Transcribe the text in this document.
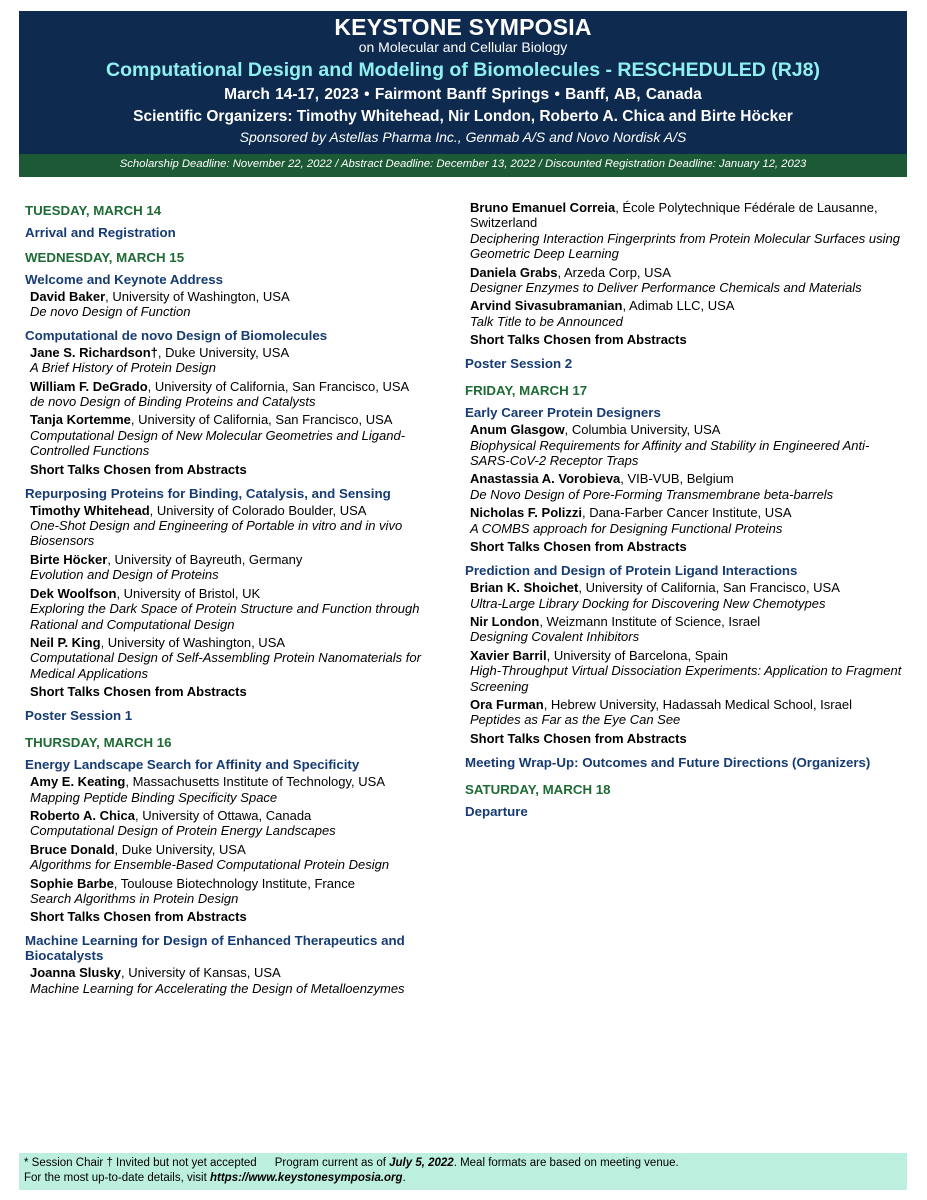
KEYSTONE SYMPOSIA
on Molecular and Cellular Biology
Computational Design and Modeling of Biomolecules - RESCHEDULED (RJ8)
March 14-17, 2023 • Fairmont Banff Springs • Banff, AB, Canada
Scientific Organizers: Timothy Whitehead, Nir London, Roberto A. Chica and Birte Höcker
Sponsored by Astellas Pharma Inc., Genmab A/S and Novo Nordisk A/S
Scholarship Deadline: November 22, 2022 / Abstract Deadline: December 13, 2022 / Discounted Registration Deadline: January 12, 2023
TUESDAY, MARCH 14
Arrival and Registration
WEDNESDAY, MARCH 15
Welcome and Keynote Address
David Baker, University of Washington, USA
De novo Design of Function
Computational de novo Design of Biomolecules
Jane S. Richardson†, Duke University, USA
A Brief History of Protein Design
William F. DeGrado, University of California, San Francisco, USA
de novo Design of Binding Proteins and Catalysts
Tanja Kortemme, University of California, San Francisco, USA
Computational Design of New Molecular Geometries and Ligand-Controlled Functions
Short Talks Chosen from Abstracts
Repurposing Proteins for Binding, Catalysis, and Sensing
Timothy Whitehead, University of Colorado Boulder, USA
One-Shot Design and Engineering of Portable in vitro and in vivo Biosensors
Birte Höcker, University of Bayreuth, Germany
Evolution and Design of Proteins
Dek Woolfson, University of Bristol, UK
Exploring the Dark Space of Protein Structure and Function through Rational and Computational Design
Neil P. King, University of Washington, USA
Computational Design of Self-Assembling Protein Nanomaterials for Medical Applications
Short Talks Chosen from Abstracts
Poster Session 1
THURSDAY, MARCH 16
Energy Landscape Search for Affinity and Specificity
Amy E. Keating, Massachusetts Institute of Technology, USA
Mapping Peptide Binding Specificity Space
Roberto A. Chica, University of Ottawa, Canada
Computational Design of Protein Energy Landscapes
Bruce Donald, Duke University, USA
Algorithms for Ensemble-Based Computational Protein Design
Sophie Barbe, Toulouse Biotechnology Institute, France
Search Algorithms in Protein Design
Short Talks Chosen from Abstracts
Machine Learning for Design of Enhanced Therapeutics and Biocatalysts
Joanna Slusky, University of Kansas, USA
Machine Learning for Accelerating the Design of Metalloenzymes
Bruno Emanuel Correia, École Polytechnique Fédérale de Lausanne, Switzerland
Deciphering Interaction Fingerprints from Protein Molecular Surfaces using Geometric Deep Learning
Daniela Grabs, Arzeda Corp, USA
Designer Enzymes to Deliver Performance Chemicals and Materials
Arvind Sivasubramanian, Adimab LLC, USA
Talk Title to be Announced
Short Talks Chosen from Abstracts
Poster Session 2
FRIDAY, MARCH 17
Early Career Protein Designers
Anum Glasgow, Columbia University, USA
Biophysical Requirements for Affinity and Stability in Engineered Anti-SARS-CoV-2 Receptor Traps
Anastassia A. Vorobieva, VIB-VUB, Belgium
De Novo Design of Pore-Forming Transmembrane beta-barrels
Nicholas F. Polizzi, Dana-Farber Cancer Institute, USA
A COMBS approach for Designing Functional Proteins
Short Talks Chosen from Abstracts
Prediction and Design of Protein Ligand Interactions
Brian K. Shoichet, University of California, San Francisco, USA
Ultra-Large Library Docking for Discovering New Chemotypes
Nir London, Weizmann Institute of Science, Israel
Designing Covalent Inhibitors
Xavier Barril, University of Barcelona, Spain
High-Throughput Virtual Dissociation Experiments: Application to Fragment Screening
Ora Furman, Hebrew University, Hadassah Medical School, Israel
Peptides as Far as the Eye Can See
Short Talks Chosen from Abstracts
Meeting Wrap-Up: Outcomes and Future Directions (Organizers)
SATURDAY, MARCH 18
Departure
* Session Chair † Invited but not yet accepted Program current as of July 5, 2022. Meal formats are based on meeting venue.
For the most up-to-date details, visit https://www.keystonesymposia.org.
